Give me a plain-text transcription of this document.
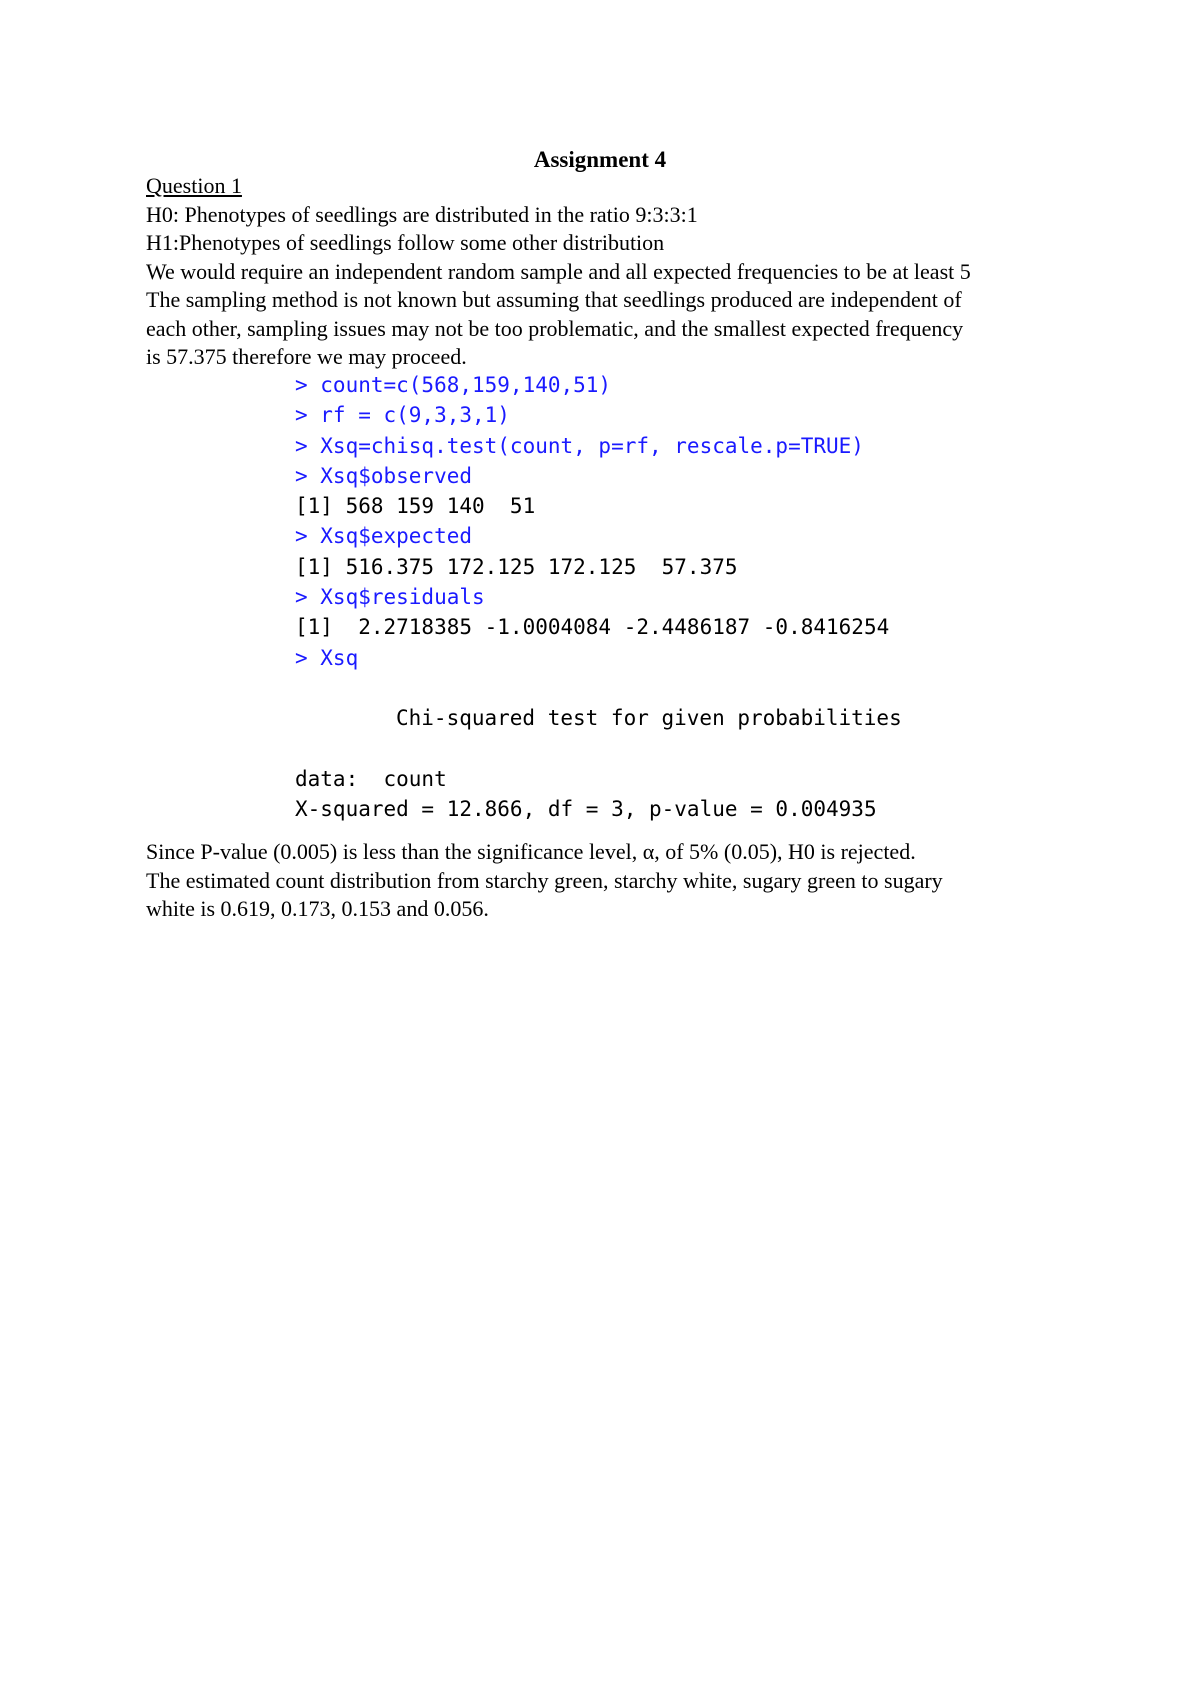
Assignment 4
Question 1
H0: Phenotypes of seedlings are distributed in the ratio 9:3:3:1
H1:Phenotypes of seedlings follow some other distribution
We would require an independent random sample and all expected frequencies to be at least 5
The sampling method is not known but assuming that seedlings produced are independent of
each other, sampling issues may not be too problematic, and the smallest expected frequency
is 57.375 therefore we may proceed.
> count=c(568,159,140,51)
> rf = c(9,3,3,1)
> Xsq=chisq.test(count, p=rf, rescale.p=TRUE)
> Xsq$observed
[1] 568 159 140  51
> Xsq$expected
[1] 516.375 172.125 172.125  57.375
> Xsq$residuals
[1]  2.2718385 -1.0004084 -2.4486187 -0.8416254
> Xsq
Chi-squared test for given probabilities
data:  count
X-squared = 12.866, df = 3, p-value = 0.004935
Since P-value (0.005) is less than the significance level, α, of 5% (0.05), H0 is rejected.
The estimated count distribution from starchy green, starchy white, sugary green to sugary
white is 0.619, 0.173, 0.153 and 0.056.
